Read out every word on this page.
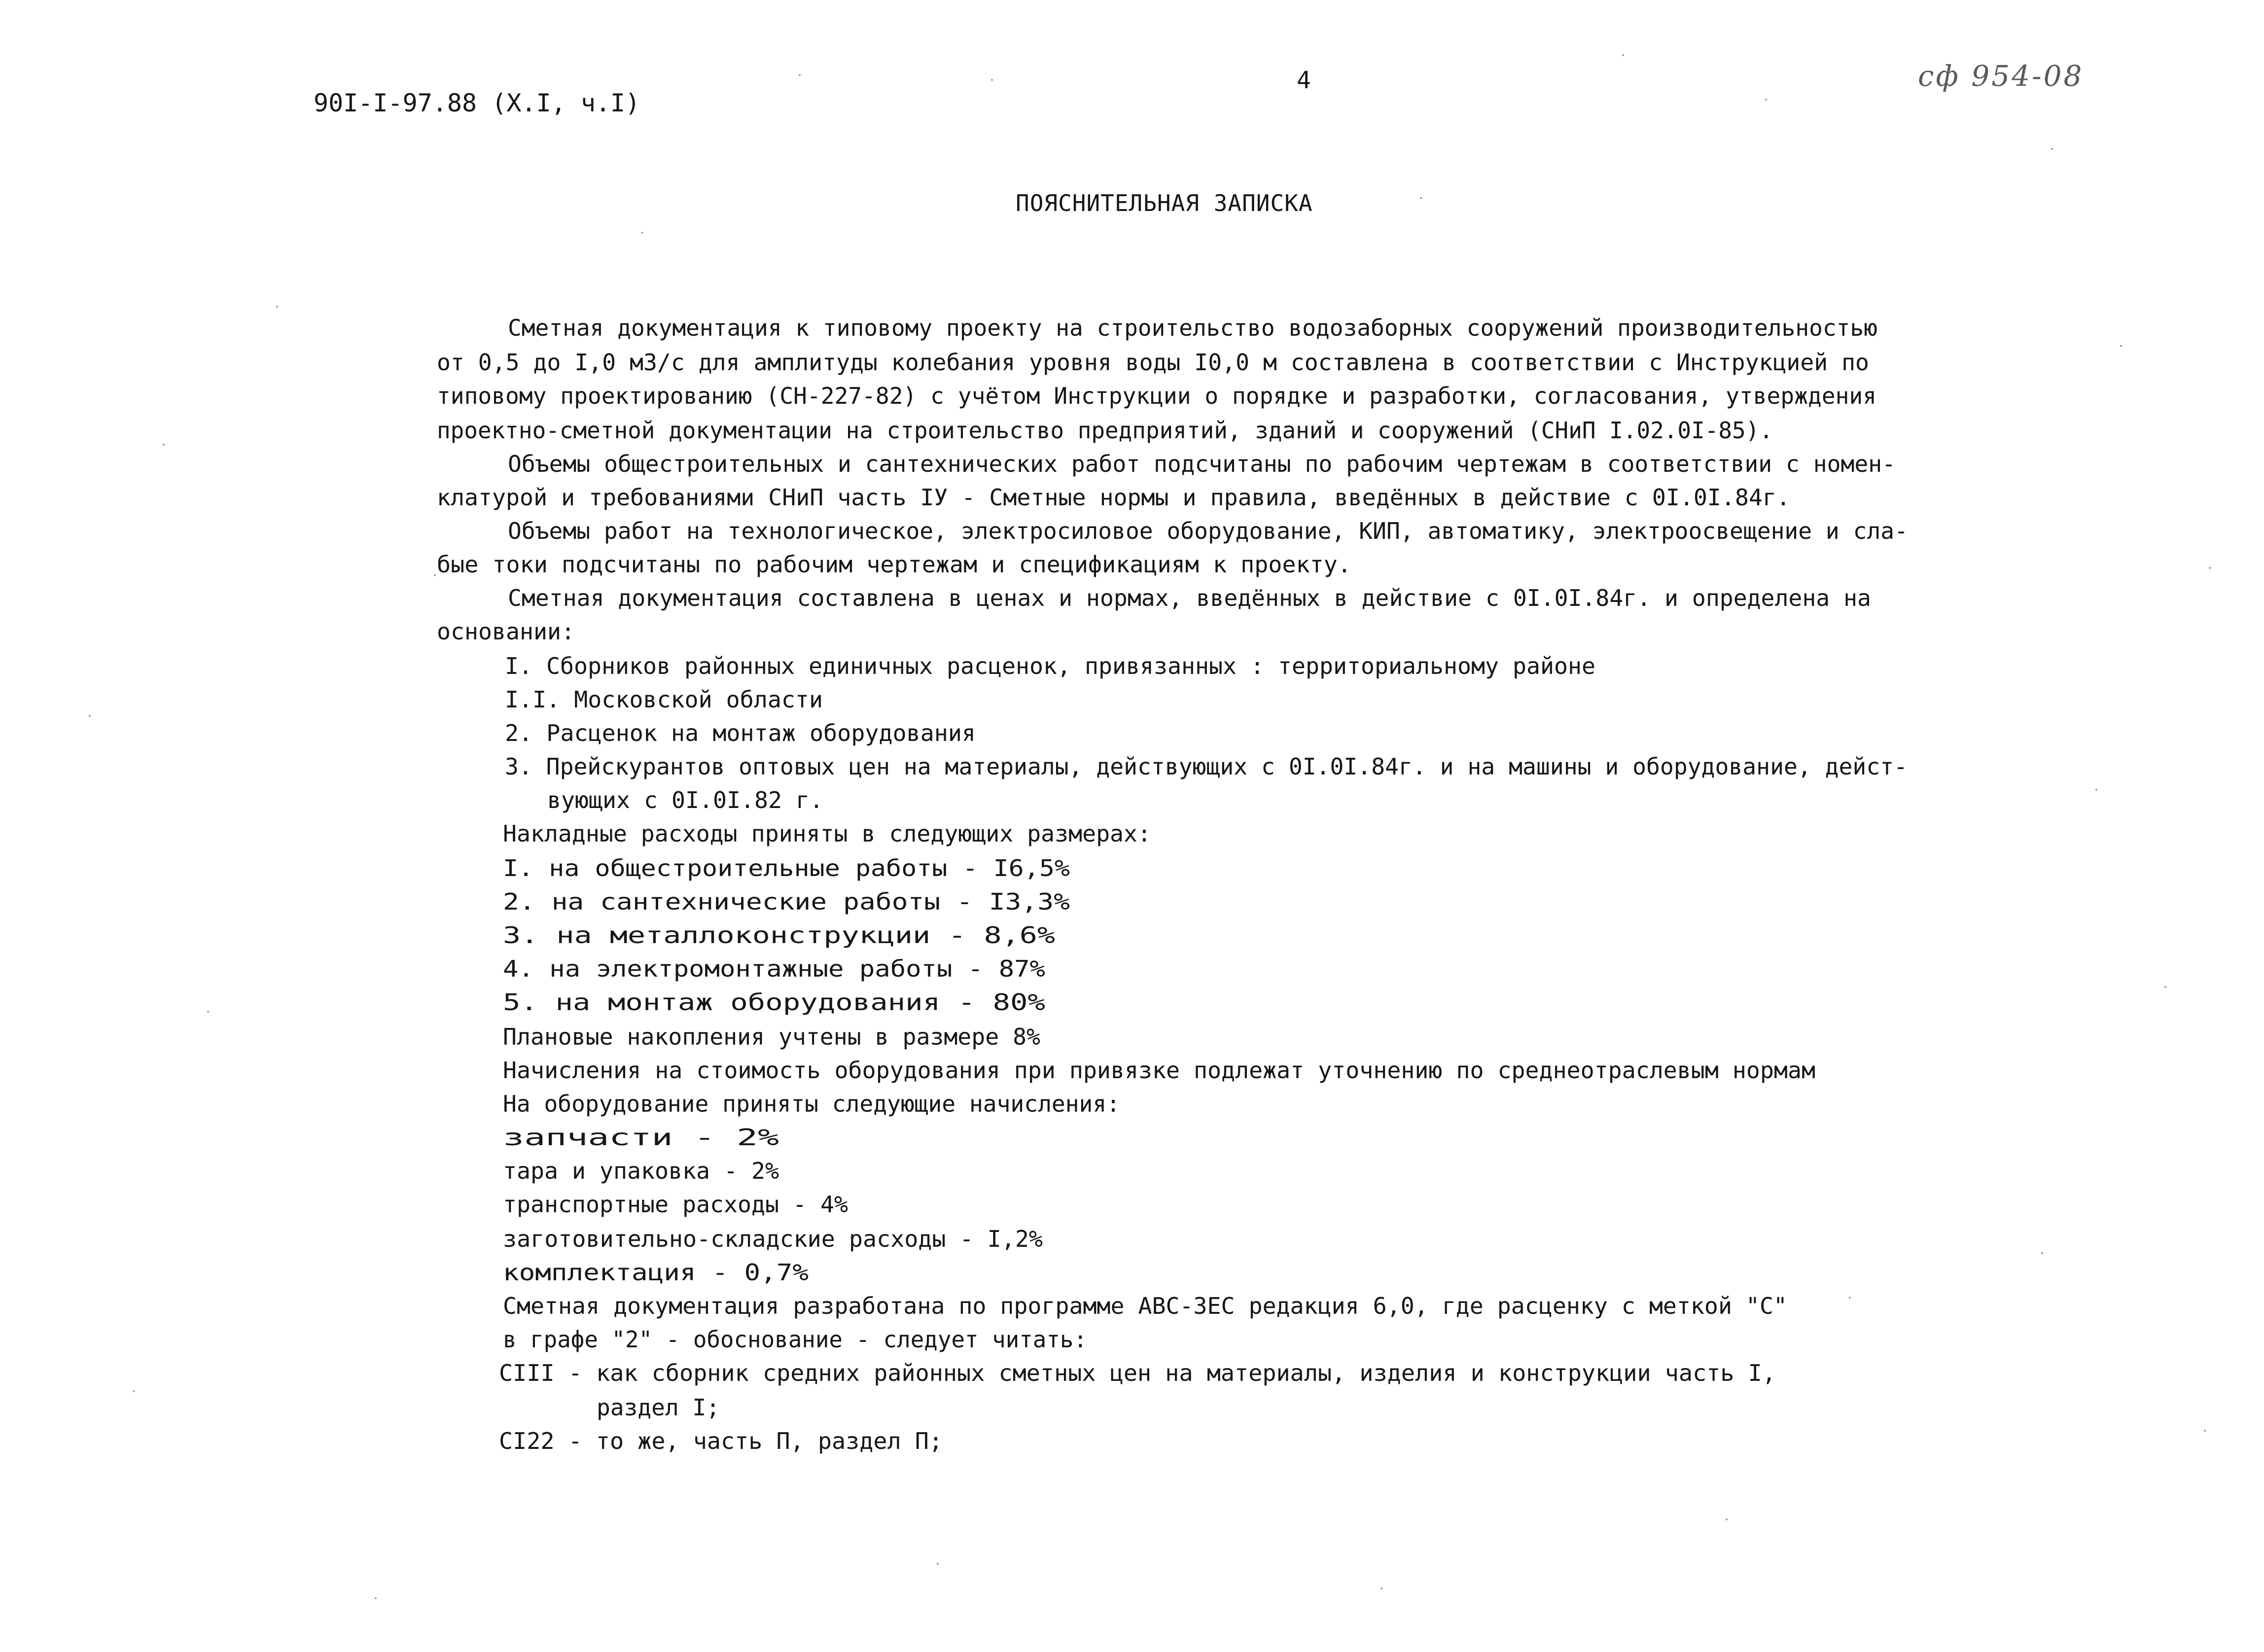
90I-I-97.88 (X.I, ч.I)
4	сф 954-08
ПОЯСНИТЕЛЬНАЯ ЗАПИСКА
Сметная документация к типовому проекту на строительство водозаборных сооружений производительностью
от 0,5 до I,0 м3/с для амплитуды колебания уровня воды I0,0 м составлена в соответствии с Инструкцией по
типовому проектированию (СН-227-82) с учётом Инструкции о порядке и разработки, согласования, утверждения
проектно-сметной документации на строительство предприятий, зданий и сооружений (СНиП I.02.0I-85).
Объемы общестроительных и сантехнических работ подсчитаны по рабочим чертежам в соответствии с номен-
клатурой и требованиями СНиП часть IУ - Сметные нормы и правила, введённых в действие с 0I.0I.84г.
Объемы работ на технологическое, электросиловое оборудование, КИП, автоматику, электроосвещение и сла-
бые токи подсчитаны по рабочим чертежам и спецификациям к проекту.
Сметная документация составлена в ценах и нормах, введённых в действие с 0I.0I.84г. и определена на
основании:
I. Сборников районных единичных расценок, привязанных : территориальному районе
I.I. Московской области
2. Расценок на монтаж оборудования
3. Прейскурантов оптовых цен на материалы, действующих с 0I.0I.84г. и на машины и оборудование, дейст-
вующих с 0I.0I.82 г.
Накладные расходы приняты в следующих размерах:
I. на общестроительные работы - I6,5%
2. на сантехнические работы - I3,3%
3. на металлоконструкции - 8,6%
4. на электромонтажные работы - 87%
5. на монтаж оборудования - 80%
Плановые накопления учтены в размере 8%
Начисления на стоимость оборудования при привязке подлежат уточнению по среднеотраслевым нормам
На оборудование приняты следующие начисления:
запчасти - 2%
тара и упаковка - 2%
транспортные расходы - 4%
заготовительно-складские расходы - I,2%
комплектация - 0,7%
Сметная документация разработана по программе АВС-3ЕС редакция 6,0, где расценку с меткой "С"
в графе "2" - обоснование - следует читать:
СIII - как сборник средних районных сметных цен на материалы, изделия и конструкции часть I,
раздел I;
СI22 - то же, часть П, раздел П;
